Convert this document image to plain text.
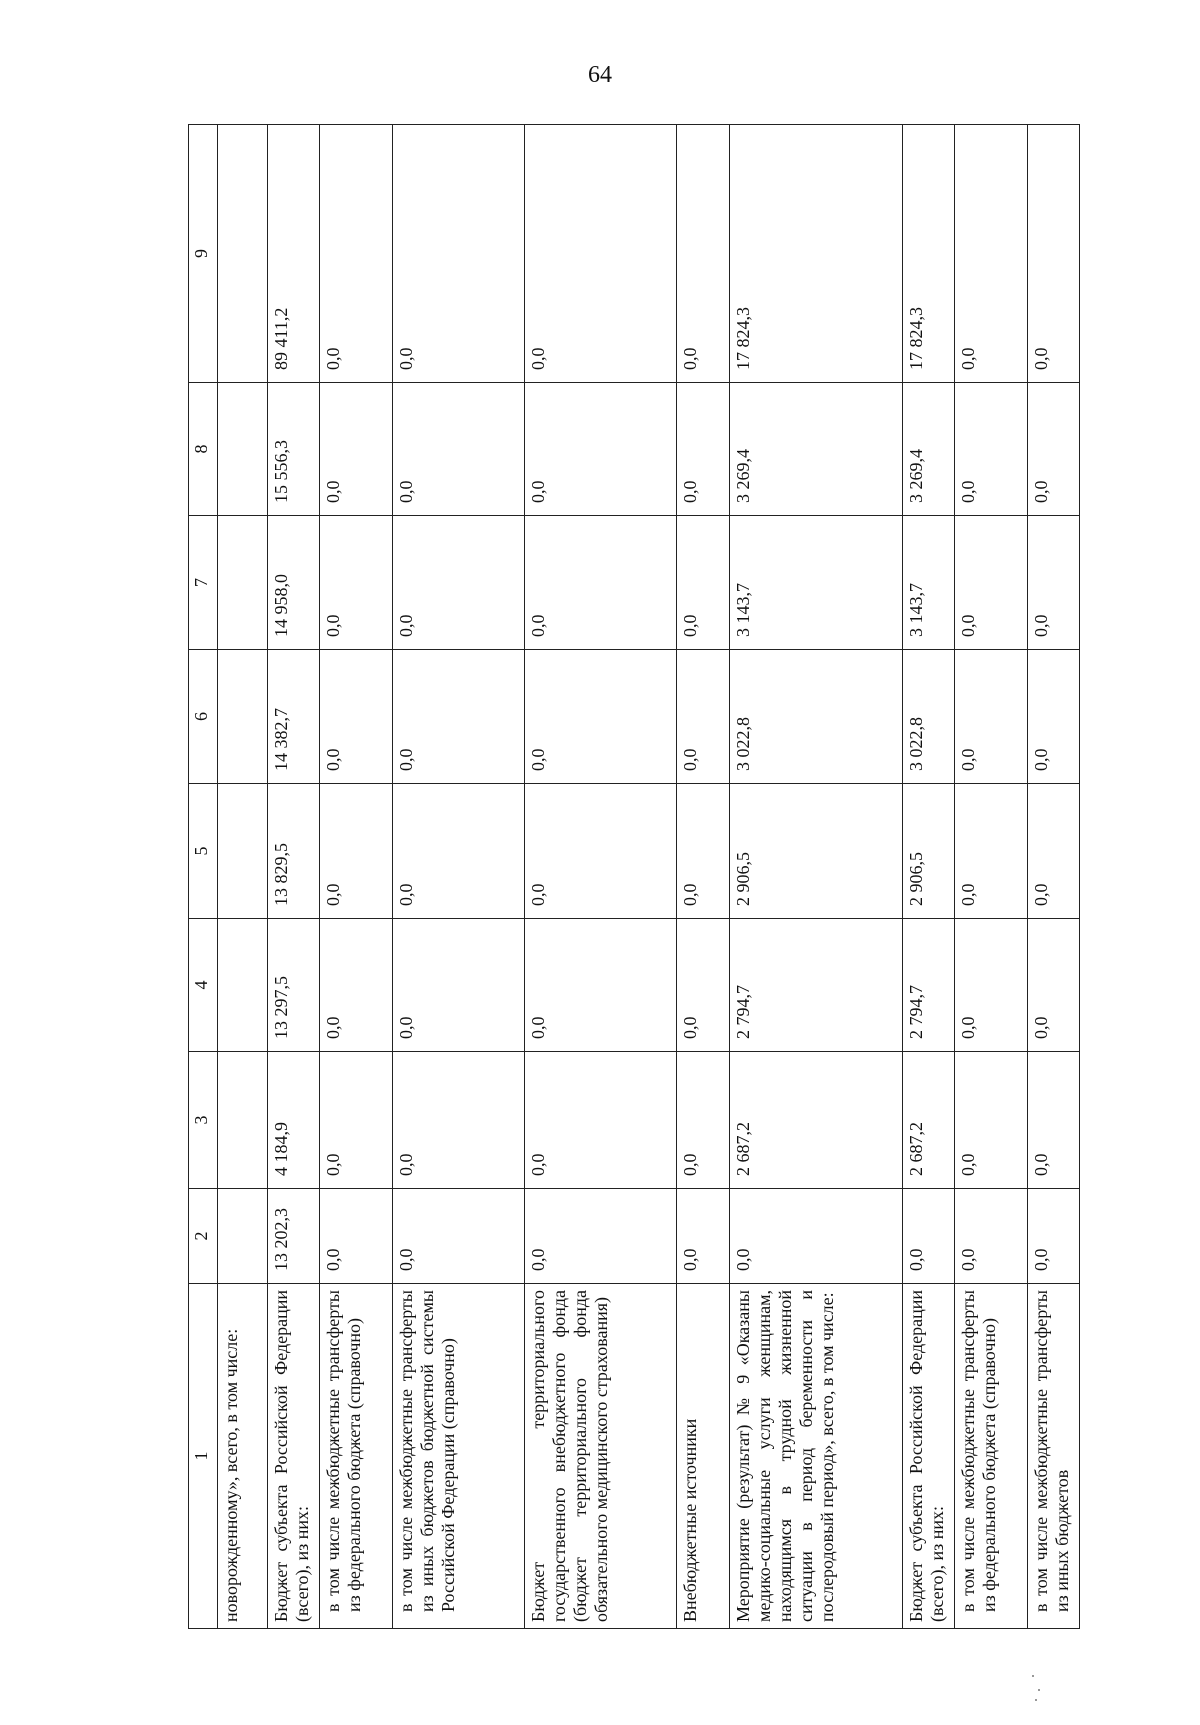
64
1	2	3	4	5	6	7	8	9
новорожденному», всего, в том числе:								
Бюджет субъекта Российской Федерации (всего), из них:	13 202,3	4 184,9	13 297,5	13 829,5	14 382,7	14 958,0	15 556,3	89 411,2
в том числе межбюджетные трансферты из федерального бюджета (справочно)	0,0	0,0	0,0	0,0	0,0	0,0	0,0	0,0
в том числе межбюджетные трансферты из иных бюджетов бюджетной системы Российской Федерации (справочно)	0,0	0,0	0,0	0,0	0,0	0,0	0,0	0,0
Бюджет территориального государственного внебюджетного фонда (бюджет территориального фонда обязательного медицинского страхования)	0,0	0,0	0,0	0,0	0,0	0,0	0,0	0,0
Внебюджетные источники	0,0	0,0	0,0	0,0	0,0	0,0	0,0	0,0
Мероприятие (результат) № 9 «Оказаны медико-социальные услуги женщинам, находящимся в трудной жизненной ситуации в период беременности и послеродовый период», всего, в том числе:	0,0	2 687,2	2 794,7	2 906,5	3 022,8	3 143,7	3 269,4	17 824,3
Бюджет субъекта Российской Федерации (всего), из них:	0,0	2 687,2	2 794,7	2 906,5	3 022,8	3 143,7	3 269,4	17 824,3
в том числе межбюджетные трансферты из федерального бюджета (справочно)	0,0	0,0	0,0	0,0	0,0	0,0	0,0	0,0
в том числе межбюджетные трансферты из иных бюджетов	0,0	0,0	0,0	0,0	0,0	0,0	0,0	0,0
